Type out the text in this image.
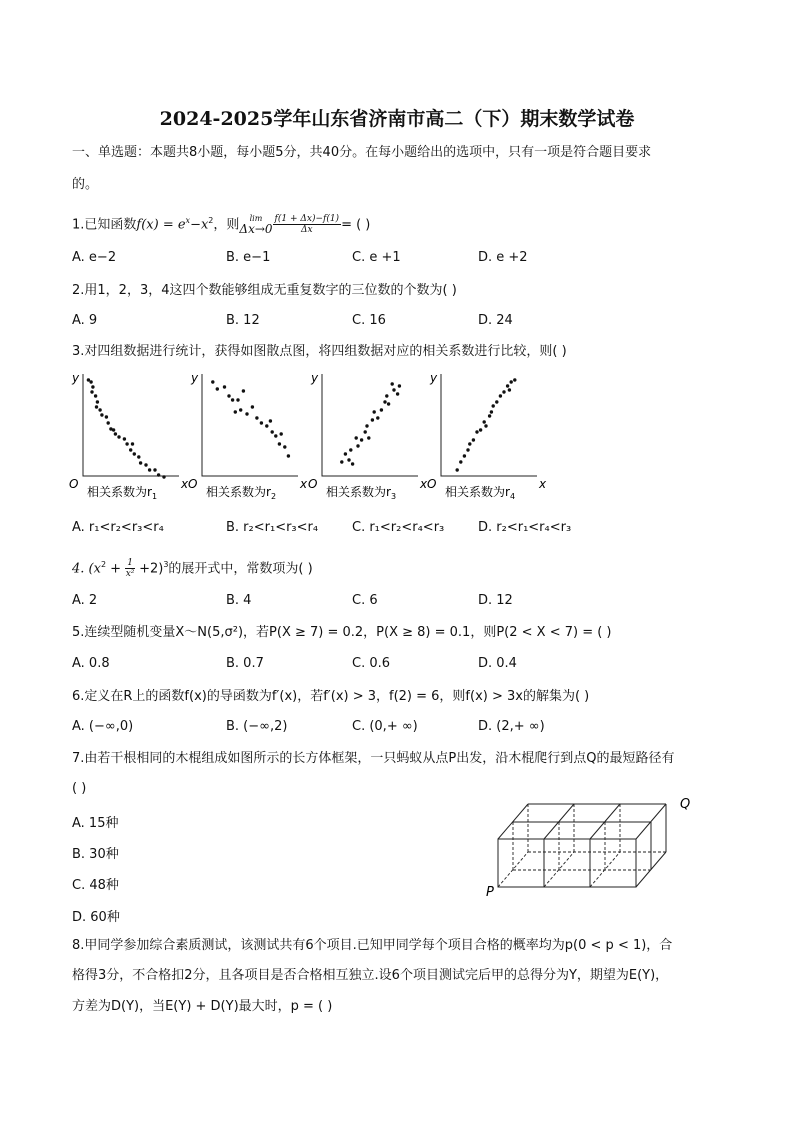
2024-2025学年山东省济南市高二（下）期末数学试卷
一、单选题：本题共8小题，每小题5分，共40分。在每小题给出的选项中，只有一项是符合题目要求
的。
1.已知函数$f(x) = e^x-x^2$，则	lim
$\Delta x\to 0 \frac{f(1 + \Delta x)-f(1)}{\Delta x}$ = ( )
A. e−2	B. e−1	C. e +1	D. e +2
2.用1，2，3，4这四个数能够组成无重复数字的三位数的个数为( )
A. 9	B. 12	C. 16	D. 24
3.对四组数据进行统计，获得如图散点图，将四组数据对应的相关系数进行比较，则( )
y
x
O
相关系数为$r_1$
y
x
O
相关系数为$r_2$
y
x
O
相关系数为$r_3$
y
x
O
相关系数为$r_4$
A. r₁<r₂<r₃<r₄	B. r₂<r₁<r₃<r₄	C. r₁<r₂<r₄<r₃	D. r₂<r₁<r₄<r₃
4. $(x^2 + \frac{1}{\text{x²}} +2)^3$的展开式中，常数项为( )
A. 2	B. 4	C. 6	D. 12
5.连续型随机变量X～N(5,σ²)，若P(X ≥ 7) = 0.2，P(X ≥ 8) = 0.1，则P(2 < X < 7) = ( )
A. 0.8	B. 0.7	C. 0.6	D. 0.4
6.定义在R上的函数f(x)的导函数为f′(x)，若f′(x) > 3，f(2) = 6，则f(x) > 3x的解集为( )
A. (−∞,0)	B. (−∞,2)	C. (0,+ ∞)	D. (2,+ ∞)
7.由若干根相同的木棍组成如图所示的长方体框架，一只蚂蚁从点P出发，沿木棍爬行到点Q的最短路径有
( )
A. 15种
B. 30种
C. 48种
D. 60种
P
Q
8.甲同学参加综合素质测试，该测试共有6个项目.已知甲同学每个项目合格的概率均为p(0 < p < 1)，合
格得3分，不合格扣2分，且各项目是否合格相互独立.设6个项目测试完后甲的总得分为Y，期望为E(Y)，
方差为D(Y)，当E(Y) + D(Y)最大时，p = ( )
